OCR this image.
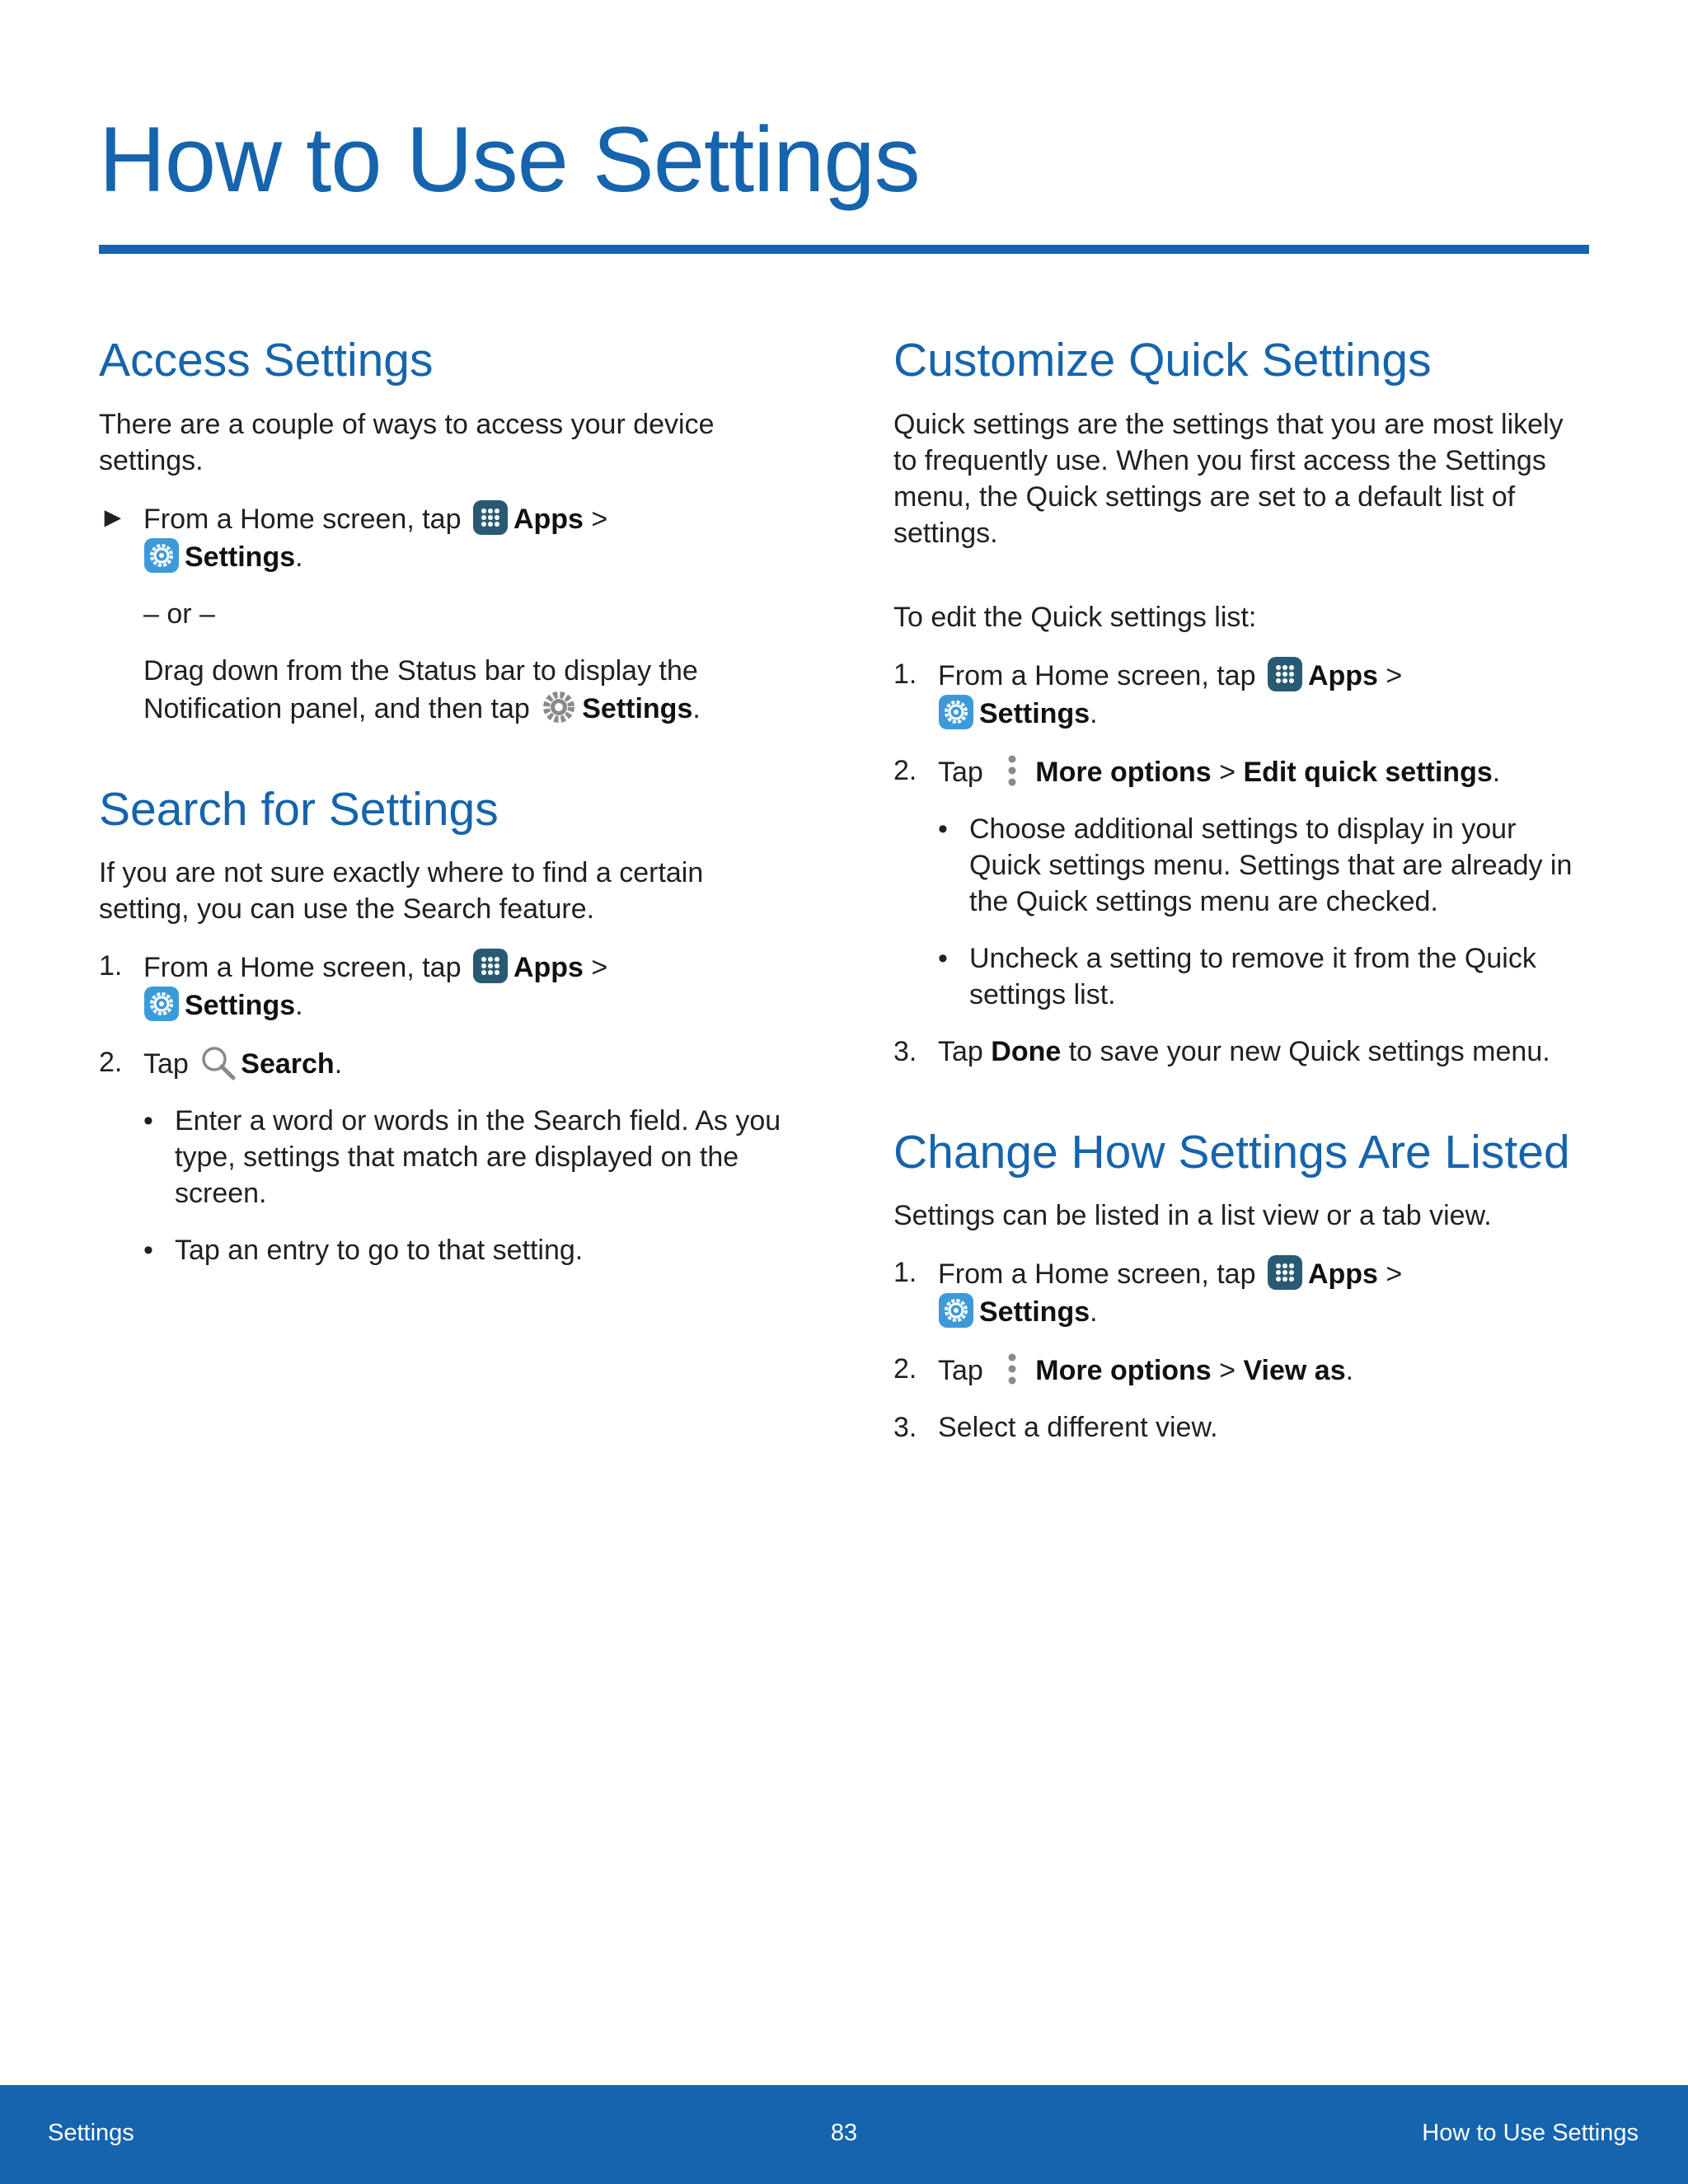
How to Use Settings
Access Settings

There are a couple of ways to access your device settings.

► From a Home screen, tap Apps >
Settings.
– or –
Drag down from the Status bar to display the Notification panel, and then tap Settings.
Search for Settings

If you are not sure exactly where to find a certain setting, you can use the Search feature.

1. From a Home screen, tap Apps >
Settings.
2. Tap Search.
• Enter a word or words in the Search field. As you type, settings that match are displayed on the screen.
• Tap an entry to go to that setting.
Customize Quick Settings

Quick settings are the settings that you are most likely to frequently use. When you first access the Settings menu, the Quick settings are set to a default list of settings.

To edit the Quick settings list:

1. From a Home screen, tap Apps >
Settings.
2. Tap More options > Edit quick settings.
• Choose additional settings to display in your Quick settings menu. Settings that are already in the Quick settings menu are checked.
• Uncheck a setting to remove it from the Quick settings list.
3. Tap Done to save your new Quick settings menu.
Change How Settings Are Listed

Settings can be listed in a list view or a tab view.

1. From a Home screen, tap Apps >
Settings.
2. Tap More options > View as.
3. Select a different view.
Settings	83	How to Use Settings
